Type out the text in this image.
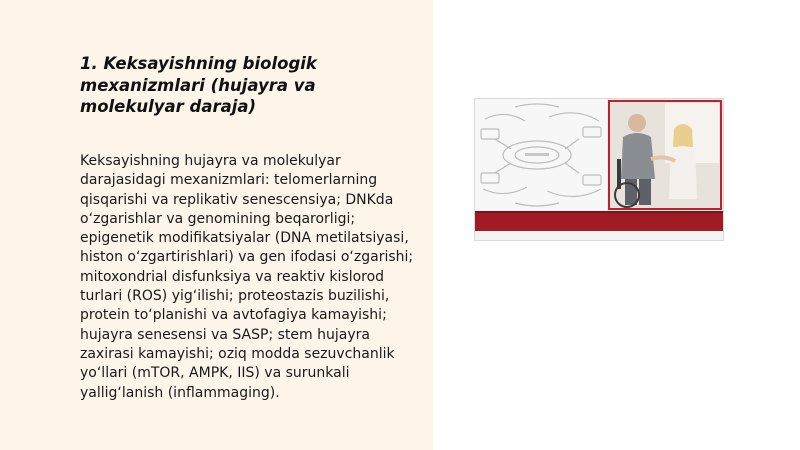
1. Keksayishning biologik mexanizmlari (hujayra va molekulyar daraja)

Keksayishning hujayra va molekulyar darajasidagi mexanizmlari: telomerlarning qisqarishi va replikativ senescensiya; DNKda o‘zgarishlar va genomining beqarorligi; epigenetik modifikatsiyalar (DNA metilatsiyasi, histon o‘zgartirishlari) va gen ifodasi o‘zgarishi; mitoxondrial disfunksiya va reaktiv kislorod turlari (ROS) yig‘ilishi; proteostazis buzilishi, protein to‘planishi va avtofagiya kamayishi; hujayra senesensi va SASP; stem hujayra zaxirasi kamayishi; oziq modda sezuvchanlik yo‘llari (mTOR, AMPK, IIS) va surunkali yallig‘lanish (inflammaging).
